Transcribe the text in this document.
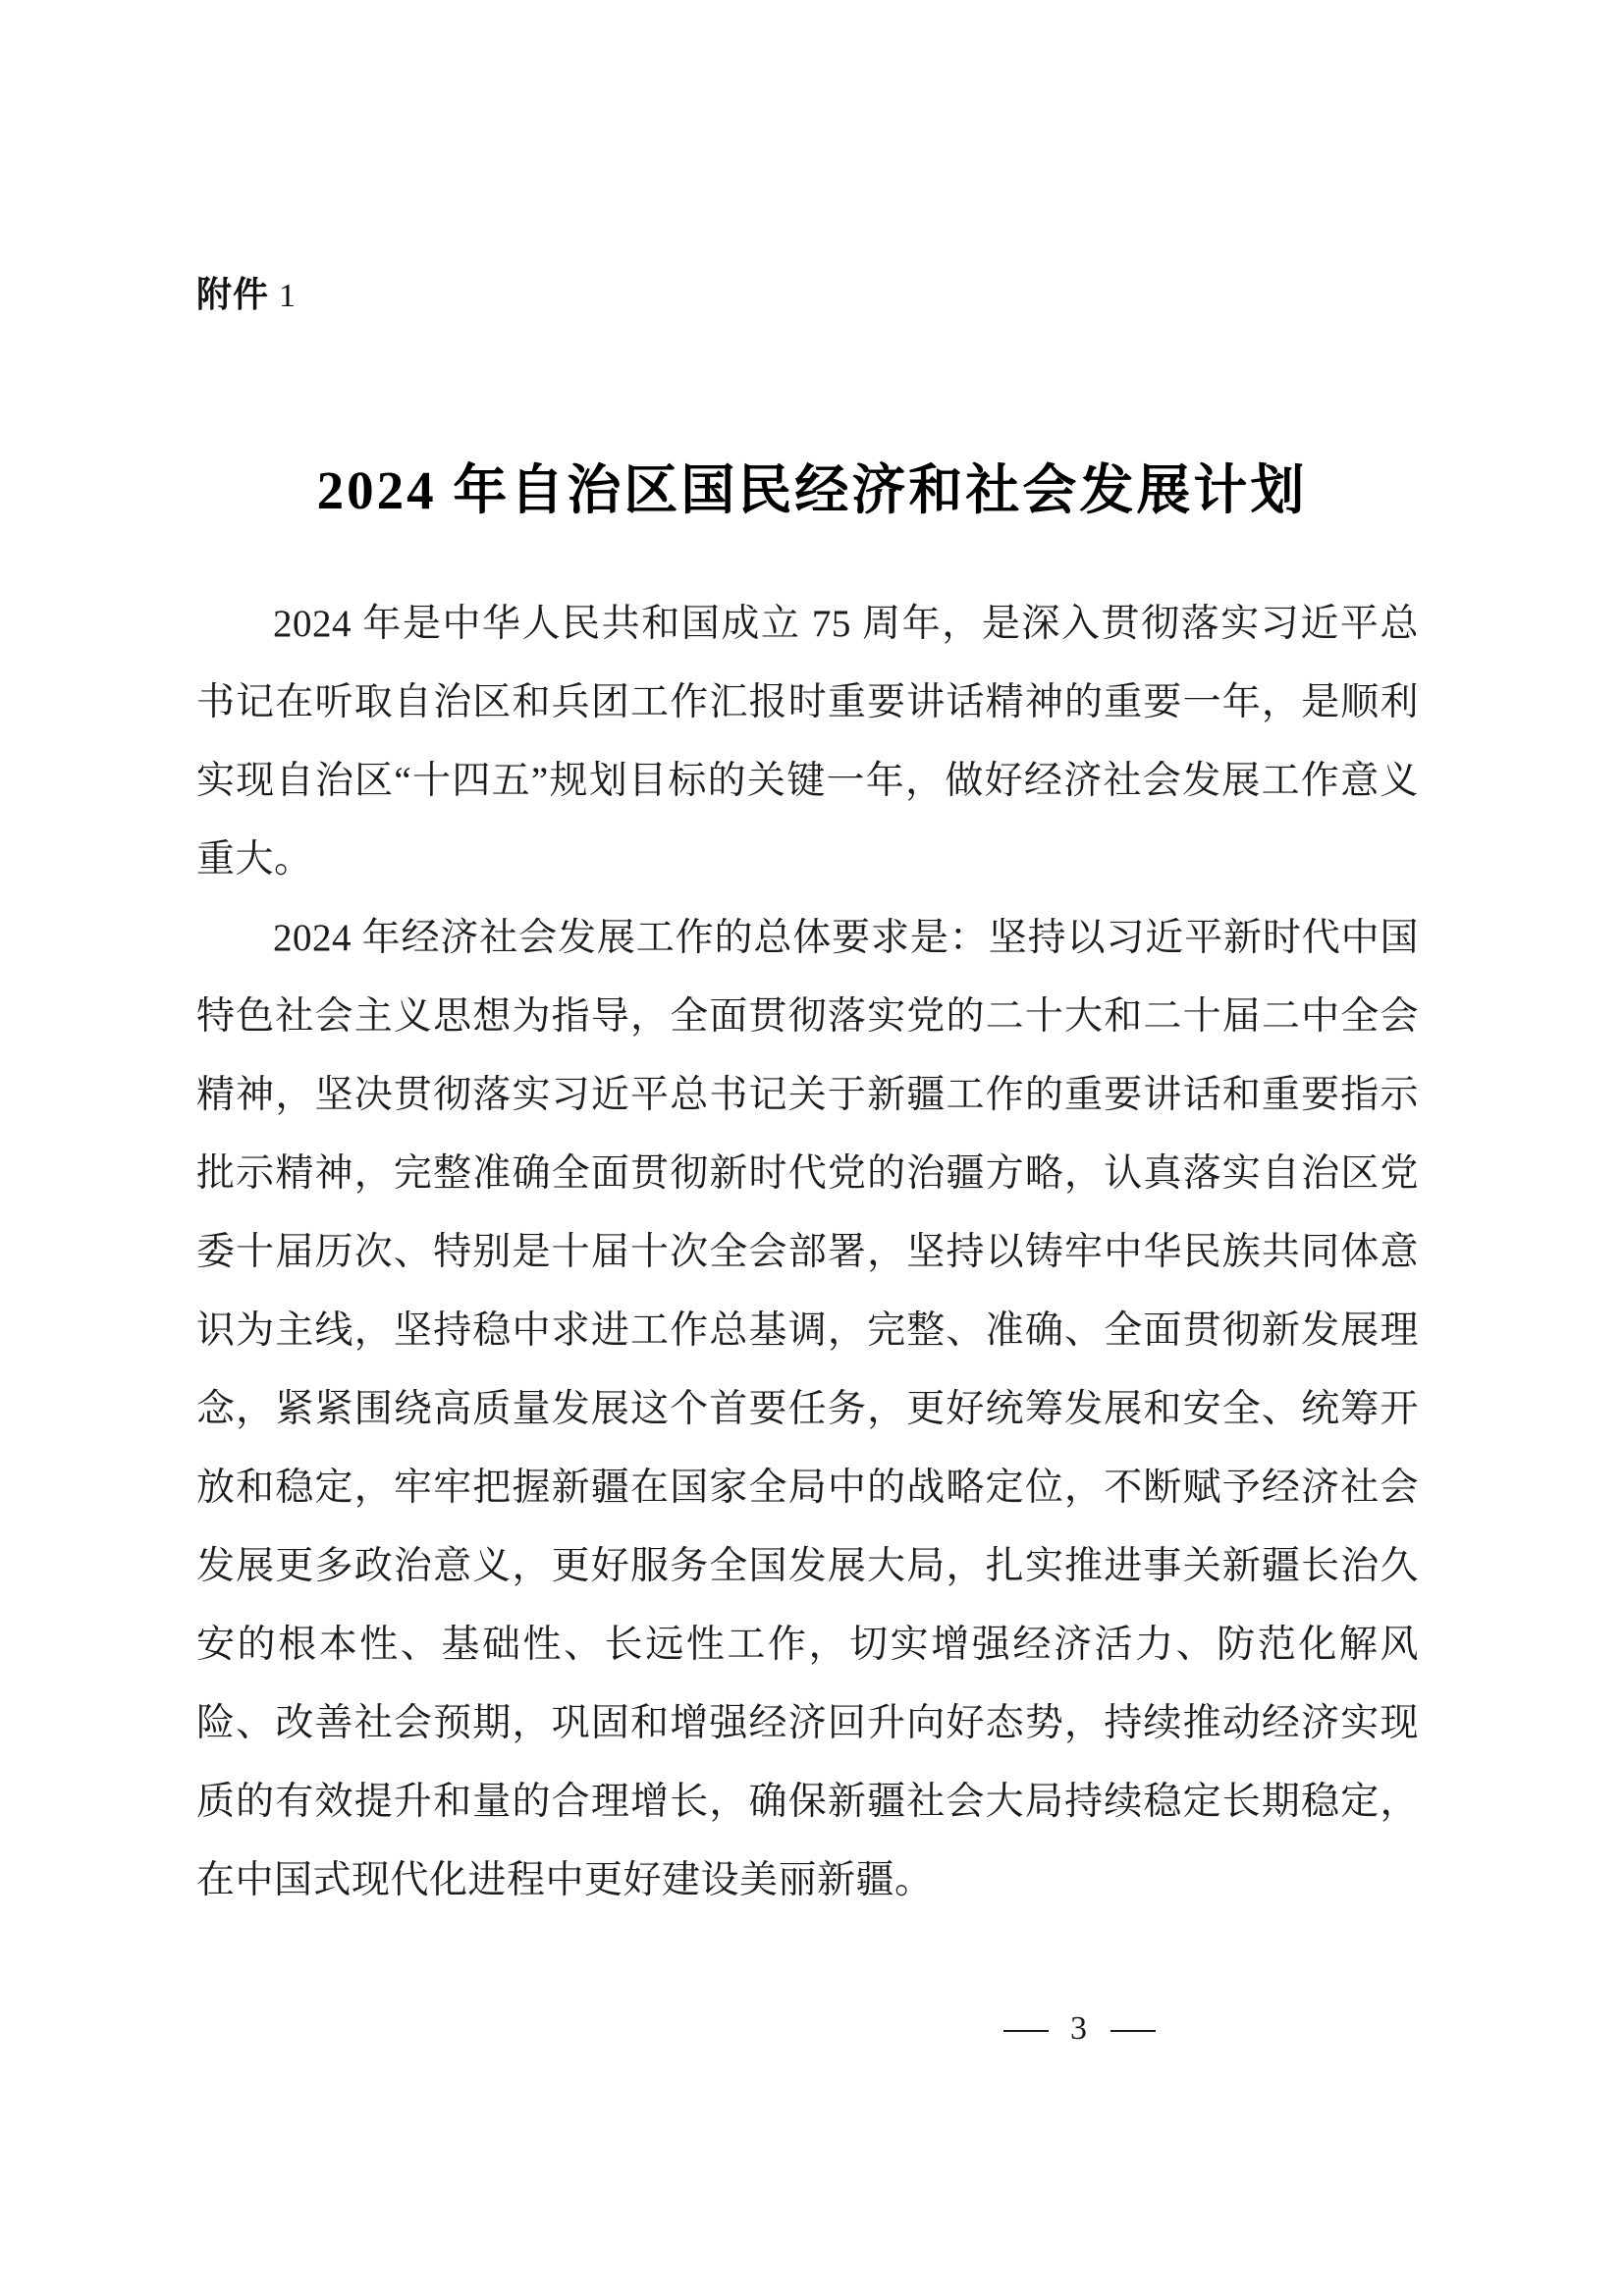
附件 1
2024 年自治区国民经济和社会发展计划

2024 年是中华人民共和国成立 75 周年，是深入贯彻落实习近平总书记在听取自治区和兵团工作汇报时重要讲话精神的重要一年，是顺利实现自治区“十四五”规划目标的关键一年，做好经济社会发展工作意义重大。

2024 年经济社会发展工作的总体要求是：坚持以习近平新时代中国特色社会主义思想为指导，全面贯彻落实党的二十大和二十届二中全会精神，坚决贯彻落实习近平总书记关于新疆工作的重要讲话和重要指示批示精神，完整准确全面贯彻新时代党的治疆方略，认真落实自治区党委十届历次、特别是十届十次全会部署，坚持以铸牢中华民族共同体意识为主线，坚持稳中求进工作总基调，完整、准确、全面贯彻新发展理念，紧紧围绕高质量发展这个首要任务，更好统筹发展和安全、统筹开放和稳定，牢牢把握新疆在国家全局中的战略定位，不断赋予经济社会发展更多政治意义，更好服务全国发展大局，扎实推进事关新疆长治久安的根本性、基础性、长远性工作，切实增强经济活力、防范化解风险、改善社会预期，巩固和增强经济回升向好态势，持续推动经济实现质的有效提升和量的合理增长，确保新疆社会大局持续稳定长期稳定，在中国式现代化进程中更好建设美丽新疆。

3
